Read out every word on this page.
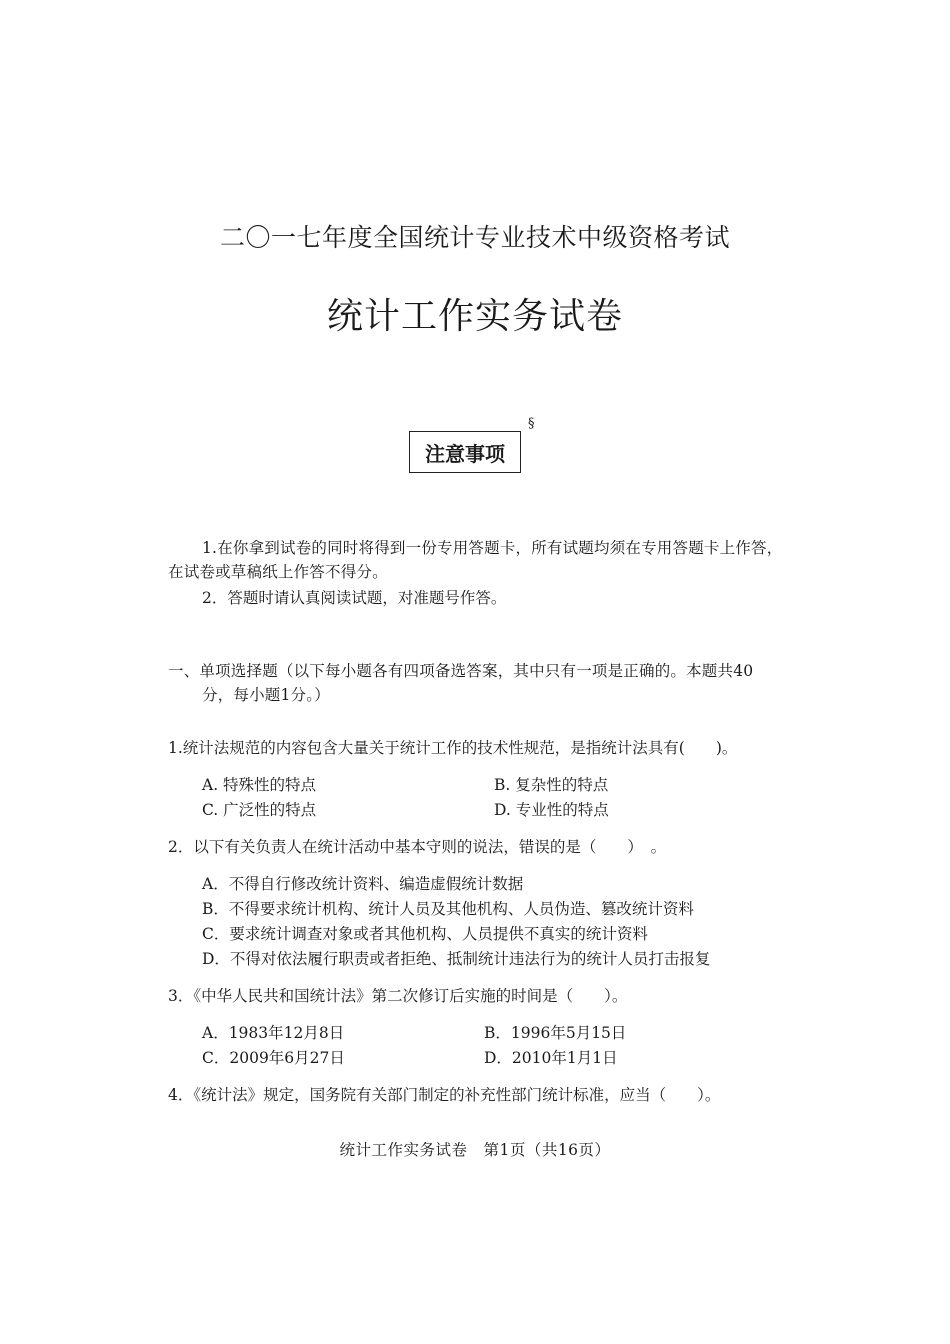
二〇一七年度全国统计专业技术中级资格考试
统计工作实务试卷
§
注意事项
1.在你拿到试卷的同时将得到一份专用答题卡，所有试题均须在专用答题卡上作答，在试卷或草稿纸上作答不得分。
2．答题时请认真阅读试题，对准题号作答。
一、单项选择题（以下每小题各有四项备选答案，其中只有一项是正确的。本题共40
分，每小题1分。）
1.统计法规范的内容包含大量关于统计工作的技术性规范，是指统计法具有(　　)。
A. 特殊性的特点	B. 复杂性的特点
C. 广泛性的特点	D. 专业性的特点
2．以下有关负责人在统计活动中基本守则的说法，错误的是（　　）　。
A．不得自行修改统计资料、编造虚假统计数据
B．不得要求统计机构、统计人员及其他机构、人员伪造、篡改统计资料
C．要求统计调查对象或者其他机构、人员提供不真实的统计资料
D．不得对依法履行职责或者拒绝、抵制统计违法行为的统计人员打击报复
3．《中华人民共和国统计法》第二次修订后实施的时间是（　　）。
A．1983年12月8日	B．1996年5月15日
C．2009年6月27日	D．2010年1月1日
4．《统计法》规定，国务院有关部门制定的补充性部门统计标准，应当（　　）。
统计工作实务试卷　第1页（共16页）
